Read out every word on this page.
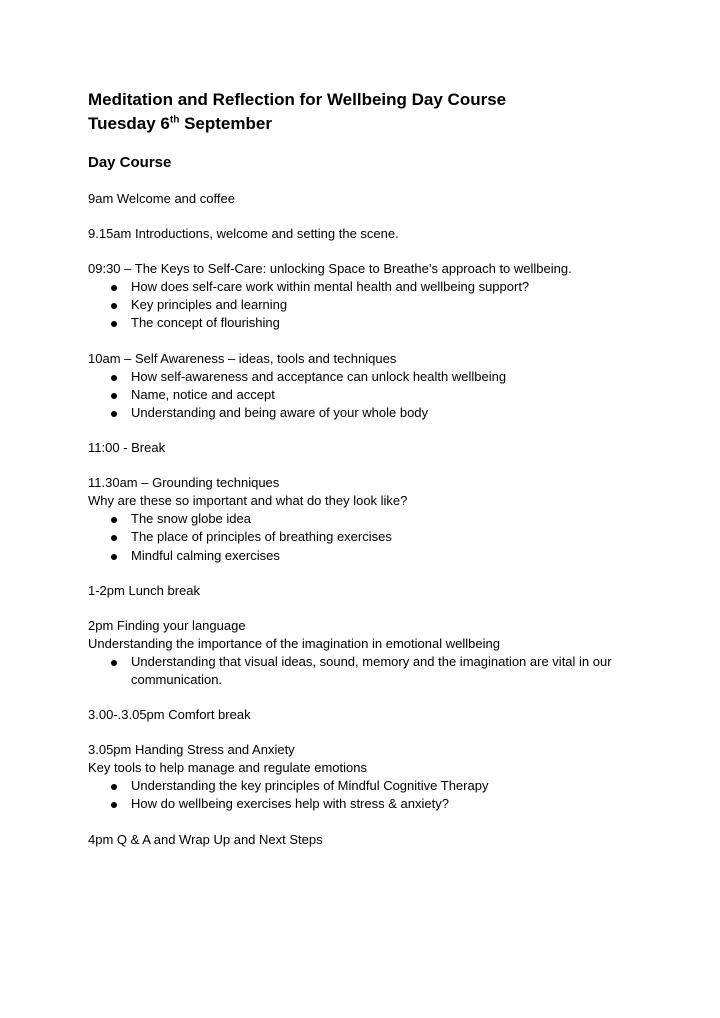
Meditation and Reflection for Wellbeing Day Course
Tuesday 6th September
Day Course

9am Welcome and coffee

9.15am Introductions, welcome and setting the scene.

09:30 – The Keys to Self-Care: unlocking Space to Breathe’s approach to wellbeing.

How does self-care work within mental health and wellbeing support?
Key principles and learning
The concept of flourishing

10am – Self Awareness – ideas, tools and techniques

How self-awareness and acceptance can unlock health wellbeing
Name, notice and accept
Understanding and being aware of your whole body

11:00 - Break

11.30am – Grounding techniques

Why are these so important and what do they look like?

The snow globe idea
The place of principles of breathing exercises
Mindful calming exercises

1-2pm Lunch break

2pm Finding your language

Understanding the importance of the imagination in emotional wellbeing

Understanding that visual ideas, sound, memory and the imagination are vital in our communication.

3.00-.3.05pm Comfort break

3.05pm Handing Stress and Anxiety

Key tools to help manage and regulate emotions

Understanding the key principles of Mindful Cognitive Therapy
How do wellbeing exercises help with stress & anxiety?

4pm Q & A and Wrap Up and Next Steps
